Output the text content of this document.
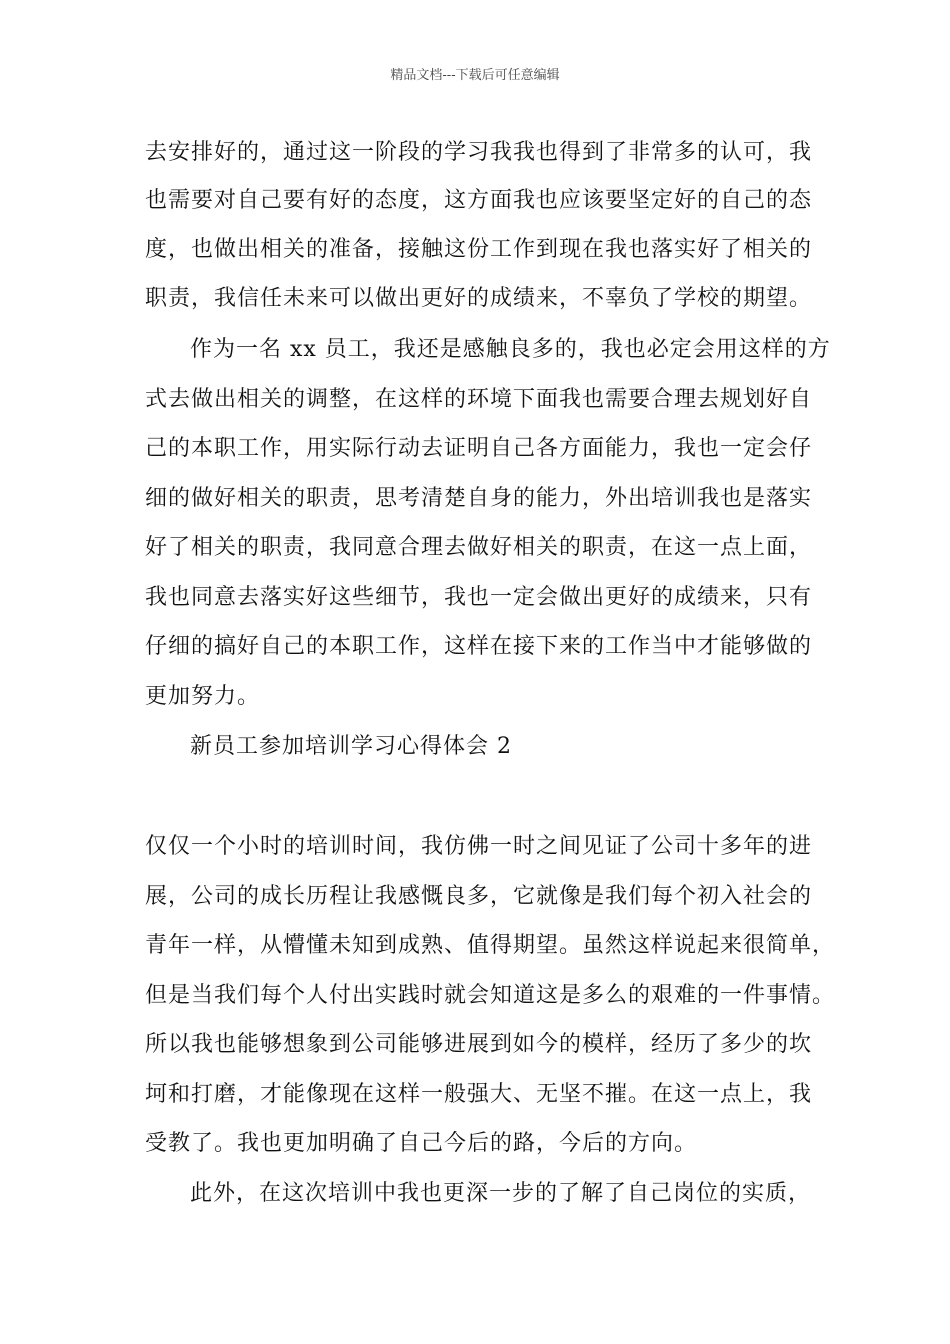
精品文档---下载后可任意编辑
去安排好的，通过这一阶段的学习我我也得到了非常多的认可，我
也需要对自己要有好的态度，这方面我也应该要坚定好的自己的态
度，也做出相关的准备，接触这份工作到现在我也落实好了相关的
职责，我信任未来可以做出更好的成绩来，不辜负了学校的期望。
作为一名 xx 员工，我还是感触良多的，我也必定会用这样的方
式去做出相关的调整，在这样的环境下面我也需要合理去规划好自
己的本职工作，用实际行动去证明自己各方面能力，我也一定会仔
细的做好相关的职责，思考清楚自身的能力，外出培训我也是落实
好了相关的职责，我同意合理去做好相关的职责，在这一点上面，
我也同意去落实好这些细节，我也一定会做出更好的成绩来，只有
仔细的搞好自己的本职工作，这样在接下来的工作当中才能够做的
更加努力。
新员工参加培训学习心得体会 2
仅仅一个小时的培训时间，我仿佛一时之间见证了公司十多年的进
展，公司的成长历程让我感慨良多，它就像是我们每个初入社会的
青年一样，从懵懂未知到成熟、值得期望。虽然这样说起来很简单，
但是当我们每个人付出实践时就会知道这是多么的艰难的一件事情。
所以我也能够想象到公司能够进展到如今的模样，经历了多少的坎
坷和打磨，才能像现在这样一般强大、无坚不摧。在这一点上，我
受教了。我也更加明确了自己今后的路，今后的方向。
此外，在这次培训中我也更深一步的了解了自己岗位的实质，
